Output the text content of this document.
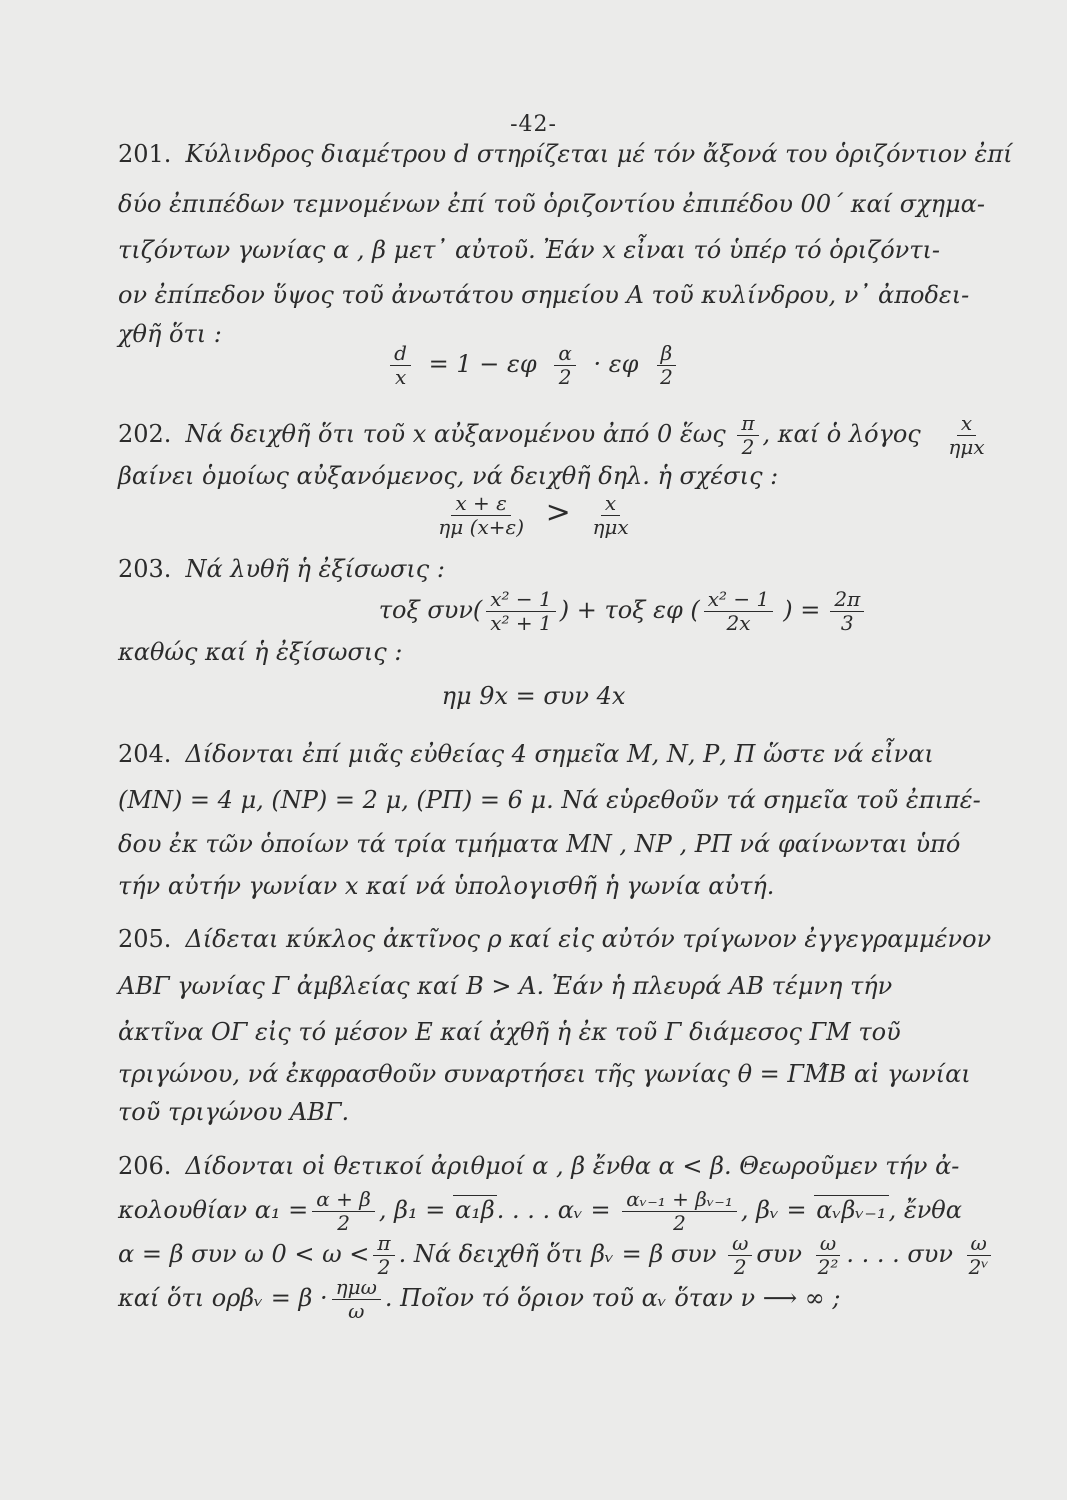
-42-
201. Κύλινδρος διαμέτρου d στηρίζεται μέ τόν ἄξονά του ὁριζόντιον ἐπί
δύο ἐπιπέδων τεμνομένων ἐπί τοῦ ὁριζοντίου ἐπιπέδου 00΄ καί σχημα-
τιζόντων γωνίας α , β μετ᾿ αὐτοῦ. Ἐάν x εἶναι τό ὑπέρ τό ὁριζόντι-
ον ἐπίπεδον ὕψος τοῦ ἀνωτάτου σημείου Α τοῦ κυλίνδρου, ν᾿ ἀποδει-
χθῆ ὅτι :
$\frac{d}{x} = 1 - \varepsilon\varphi \frac{\alpha}{2} \cdot \varepsilon\varphi \frac{\beta}{2}$
202. Νά δειχθῆ ὅτι τοῦ x αὐξανομένου ἀπό 0 ἕως $\frac{\pi}{2}$ , καί ὁ λόγος $\frac{x}{\text{ημx}}$
βαίνει ὁμοίως αὐξανόμενος, νά δειχθῆ δηλ. ἡ σχέσις :
$\frac{x + \varepsilon}{\eta\mu (x+\varepsilon)} > \frac{x}{\text{ημx}}$
203. Νά λυθῆ ἡ ἐξίσωσις :
τοξ $\sigma\upsilon\nu( \frac{\text{x² − 1}}{\text{x² + 1}}$ ) + τοξ εφ ( $\frac{\text{x² − 1}}{2x}$ ) = $\frac{2\pi}{3}$
καθώς καί ἡ ἐξίσωσις :
ημ 9x = συν 4x
204. Δίδονται ἐπί μιᾶς εὐθείας 4 σημεῖα Μ, Ν, Ρ, Π ὥστε νά εἶναι
(ΜΝ) = 4 μ, (ΝΡ) = 2 μ, (ΡΠ) = 6 μ. Νά εὑρεθοῦν τά σημεῖα τοῦ ἐπιπέ-
δου ἐκ τῶν ὁποίων τά τρία τμήματα ΜΝ , ΝΡ , ΡΠ νά φαίνωνται ὑπό
τήν αὐτήν γωνίαν x καί νά ὑπολογισθῆ ἡ γωνία αὐτή.
205. Δίδεται κύκλος ἀκτῖνος ρ καί εἰς αὐτόν τρίγωνον ἐγγεγραμμένον
ΑΒΓ γωνίας Γ ἀμβλείας καί Β > Α. Ἐάν ἡ πλευρά ΑΒ τέμνη τήν
ἀκτῖνα ΟΓ εἰς τό μέσον Ε καί ἀχθῆ ἡ ἐκ τοῦ Γ διάμεσος ΓΜ τοῦ
τριγώνου, νά ἐκφρασθοῦν συναρτήσει τῆς γωνίας θ = ΓΜ̂Β αἱ γωνίαι
τοῦ τριγώνου ΑΒΓ.
206. Δίδονται οἱ θετικοί ἀριθμοί α , β ἔνθα α < β. Θεωροῦμεν τήν ἀ-
κολουθίαν $\alpha_1 = \frac{\alpha + \beta}{2}$ , β₁ = α₁β. . . . αᵥ = $\frac{\text{αᵥ₋₁ + βᵥ₋₁}}{2}$ , βᵥ = αᵥβᵥ₋₁, ἔνθα
α = β συν ω $0 < \omega < \frac{\pi}{2}$ . Νά δειχθῆ ὅτι βᵥ = β συν $\frac{\omega}{2}$ συν $\frac{\omega}{\text{2²}}$ . . . . συν $\frac{\omega}{\text{2ᵛ}}$
καί ὅτι ορβᵥ = $\beta \cdot \frac{\text{ημω}}{\omega}$ . Ποῖον τό ὅριον τοῦ αᵥ ὅταν ν ⟶ ∞ ;
